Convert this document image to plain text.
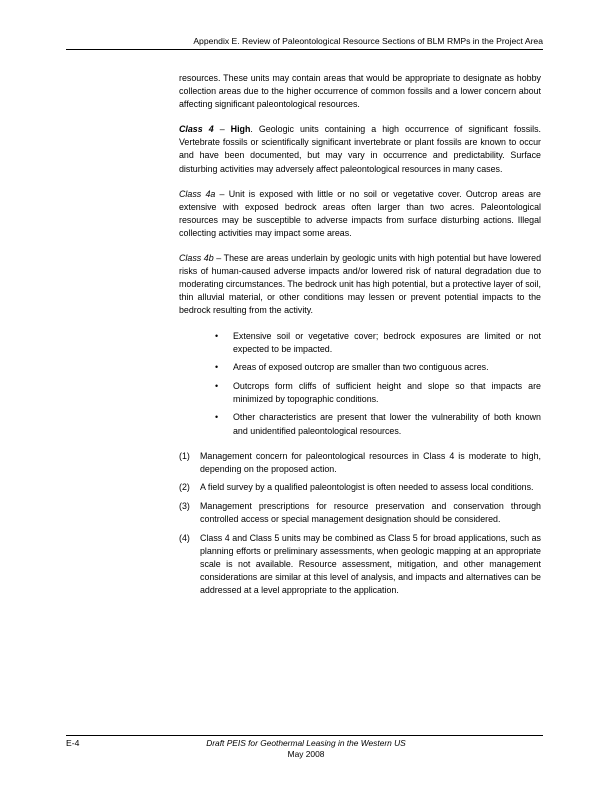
Appendix E. Review of Paleontological Resource Sections of BLM RMPs in the Project Area

resources. These units may contain areas that would be appropriate to designate as hobby collection areas due to the higher occurrence of common fossils and a lower concern about affecting significant paleontological resources.

Class 4 – High. Geologic units containing a high occurrence of significant fossils. Vertebrate fossils or scientifically significant invertebrate or plant fossils are known to occur and have been documented, but may vary in occurrence and predictability. Surface disturbing activities may adversely affect paleontological resources in many cases.

Class 4a – Unit is exposed with little or no soil or vegetative cover. Outcrop areas are extensive with exposed bedrock areas often larger than two acres. Paleontological resources may be susceptible to adverse impacts from surface disturbing actions. Illegal collecting activities may impact some areas.

Class 4b – These are areas underlain by geologic units with high potential but have lowered risks of human-caused adverse impacts and/or lowered risk of natural degradation due to moderating circumstances. The bedrock unit has high potential, but a protective layer of soil, thin alluvial material, or other conditions may lessen or prevent potential impacts to the bedrock resulting from the activity.

• Extensive soil or vegetative cover; bedrock exposures are limited or not expected to be impacted.
• Areas of exposed outcrop are smaller than two contiguous acres.
• Outcrops form cliffs of sufficient height and slope so that impacts are minimized by topographic conditions.
• Other characteristics are present that lower the vulnerability of both known and unidentified paleontological resources.
(1) Management concern for paleontological resources in Class 4 is moderate to high, depending on the proposed action.
(2) A field survey by a qualified paleontologist is often needed to assess local conditions.
(3) Management prescriptions for resource preservation and conservation through controlled access or special management designation should be considered.
(4) Class 4 and Class 5 units may be combined as Class 5 for broad applications, such as planning efforts or preliminary assessments, when geologic mapping at an appropriate scale is not available. Resource assessment, mitigation, and other management considerations are similar at this level of analysis, and impacts and alternatives can be addressed at a level appropriate to the application.
E-4	Draft PEIS for Geothermal Leasing in the Western US
May 2008
